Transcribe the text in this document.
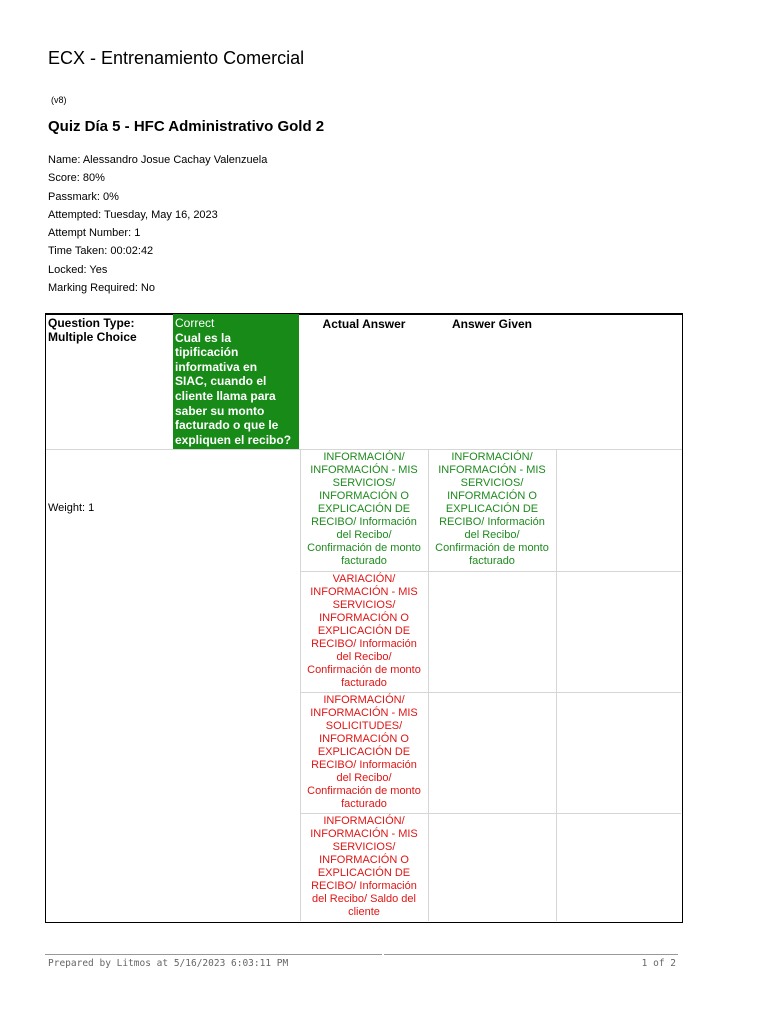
ECX - Entrenamiento Comercial
(v8)
Quiz Día 5 - HFC Administrativo Gold 2
Name: Alessandro Josue Cachay Valenzuela
Score: 80%
Passmark: 0%
Attempted: Tuesday, May 16, 2023
Attempt Number: 1
Time Taken: 00:02:42
Locked: Yes
Marking Required: No
Question Type:
Multiple Choice
Correct
Cual es la
tipificación
informativa en
SIAC, cuando el
cliente llama para
saber su monto
facturado o que le
expliquen el recibo?
Actual Answer	Answer Given
Weight: 1
INFORMACIÓN/
INFORMACIÓN - MIS
SERVICIOS/
INFORMACIÓN O
EXPLICACIÓN DE
RECIBO/ Información
del Recibo/
Confirmación de monto
facturado
INFORMACIÓN/
INFORMACIÓN - MIS
SERVICIOS/
INFORMACIÓN O
EXPLICACIÓN DE
RECIBO/ Información
del Recibo/
Confirmación de monto
facturado
VARIACIÓN/
INFORMACIÓN - MIS
SERVICIOS/
INFORMACIÓN O
EXPLICACIÓN DE
RECIBO/ Información
del Recibo/
Confirmación de monto
facturado
INFORMACIÓN/
INFORMACIÓN - MIS
SOLICITUDES/
INFORMACIÓN O
EXPLICACIÓN DE
RECIBO/ Información
del Recibo/
Confirmación de monto
facturado
INFORMACIÓN/
INFORMACIÓN - MIS
SERVICIOS/
INFORMACIÓN O
EXPLICACIÓN DE
RECIBO/ Información
del Recibo/ Saldo del
cliente
Prepared by Litmos at 5/16/2023 6:03:11 PM	1 of 2
